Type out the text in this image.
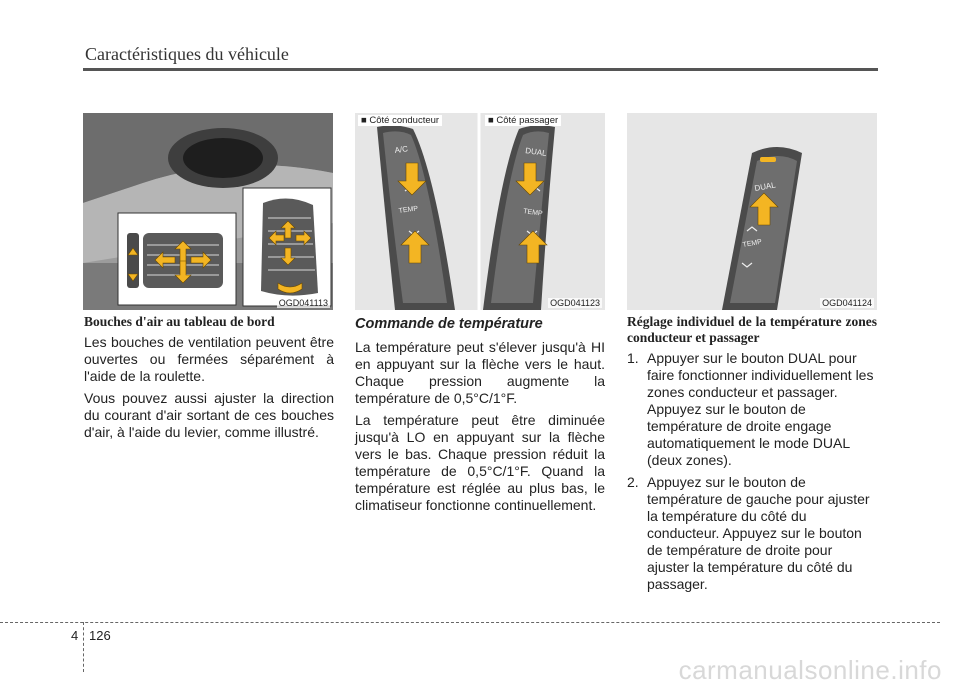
Caractéristiques du véhicule
OGD041113
A/C
TEMP
DUAL
TEMP
■ Côté conducteur	■ Côté passager
OGD041123
DUAL
TEMP
OGD041124
Bouches d'air au tableau de bord

Les bouches de ventilation peuvent être ouvertes ou fermées séparément à l'aide de la roulette.

Vous pouvez aussi ajuster la direction du courant d'air sortant de ces bouches d'air, à l'aide du levier, comme illustré.

Commande de température

La température peut s'élever jusqu'à HI en appuyant sur la flèche vers le haut. Chaque pression augmente la température de 0,5°C/1°F.

La température peut être diminuée jusqu'à LO en appuyant sur la flèche vers le bas. Chaque pression réduit la température de 0,5°C/1°F. Quand la température est réglée au plus bas, le climatiseur fonctionne continuellement.

Réglage individuel de la température zones conducteur et passager
1. Appuyer sur le bouton DUAL pour faire fonctionner individuellement les zones conducteur et passager. Appuyez sur le bouton de température de droite engage automatiquement le mode DUAL (deux zones).
2. Appuyez sur le bouton de température de gauche pour ajuster la température du côté du conducteur. Appuyez sur le bouton de température de droite pour ajuster la température du côté du passager.
4 126
carmanualsonline.info
